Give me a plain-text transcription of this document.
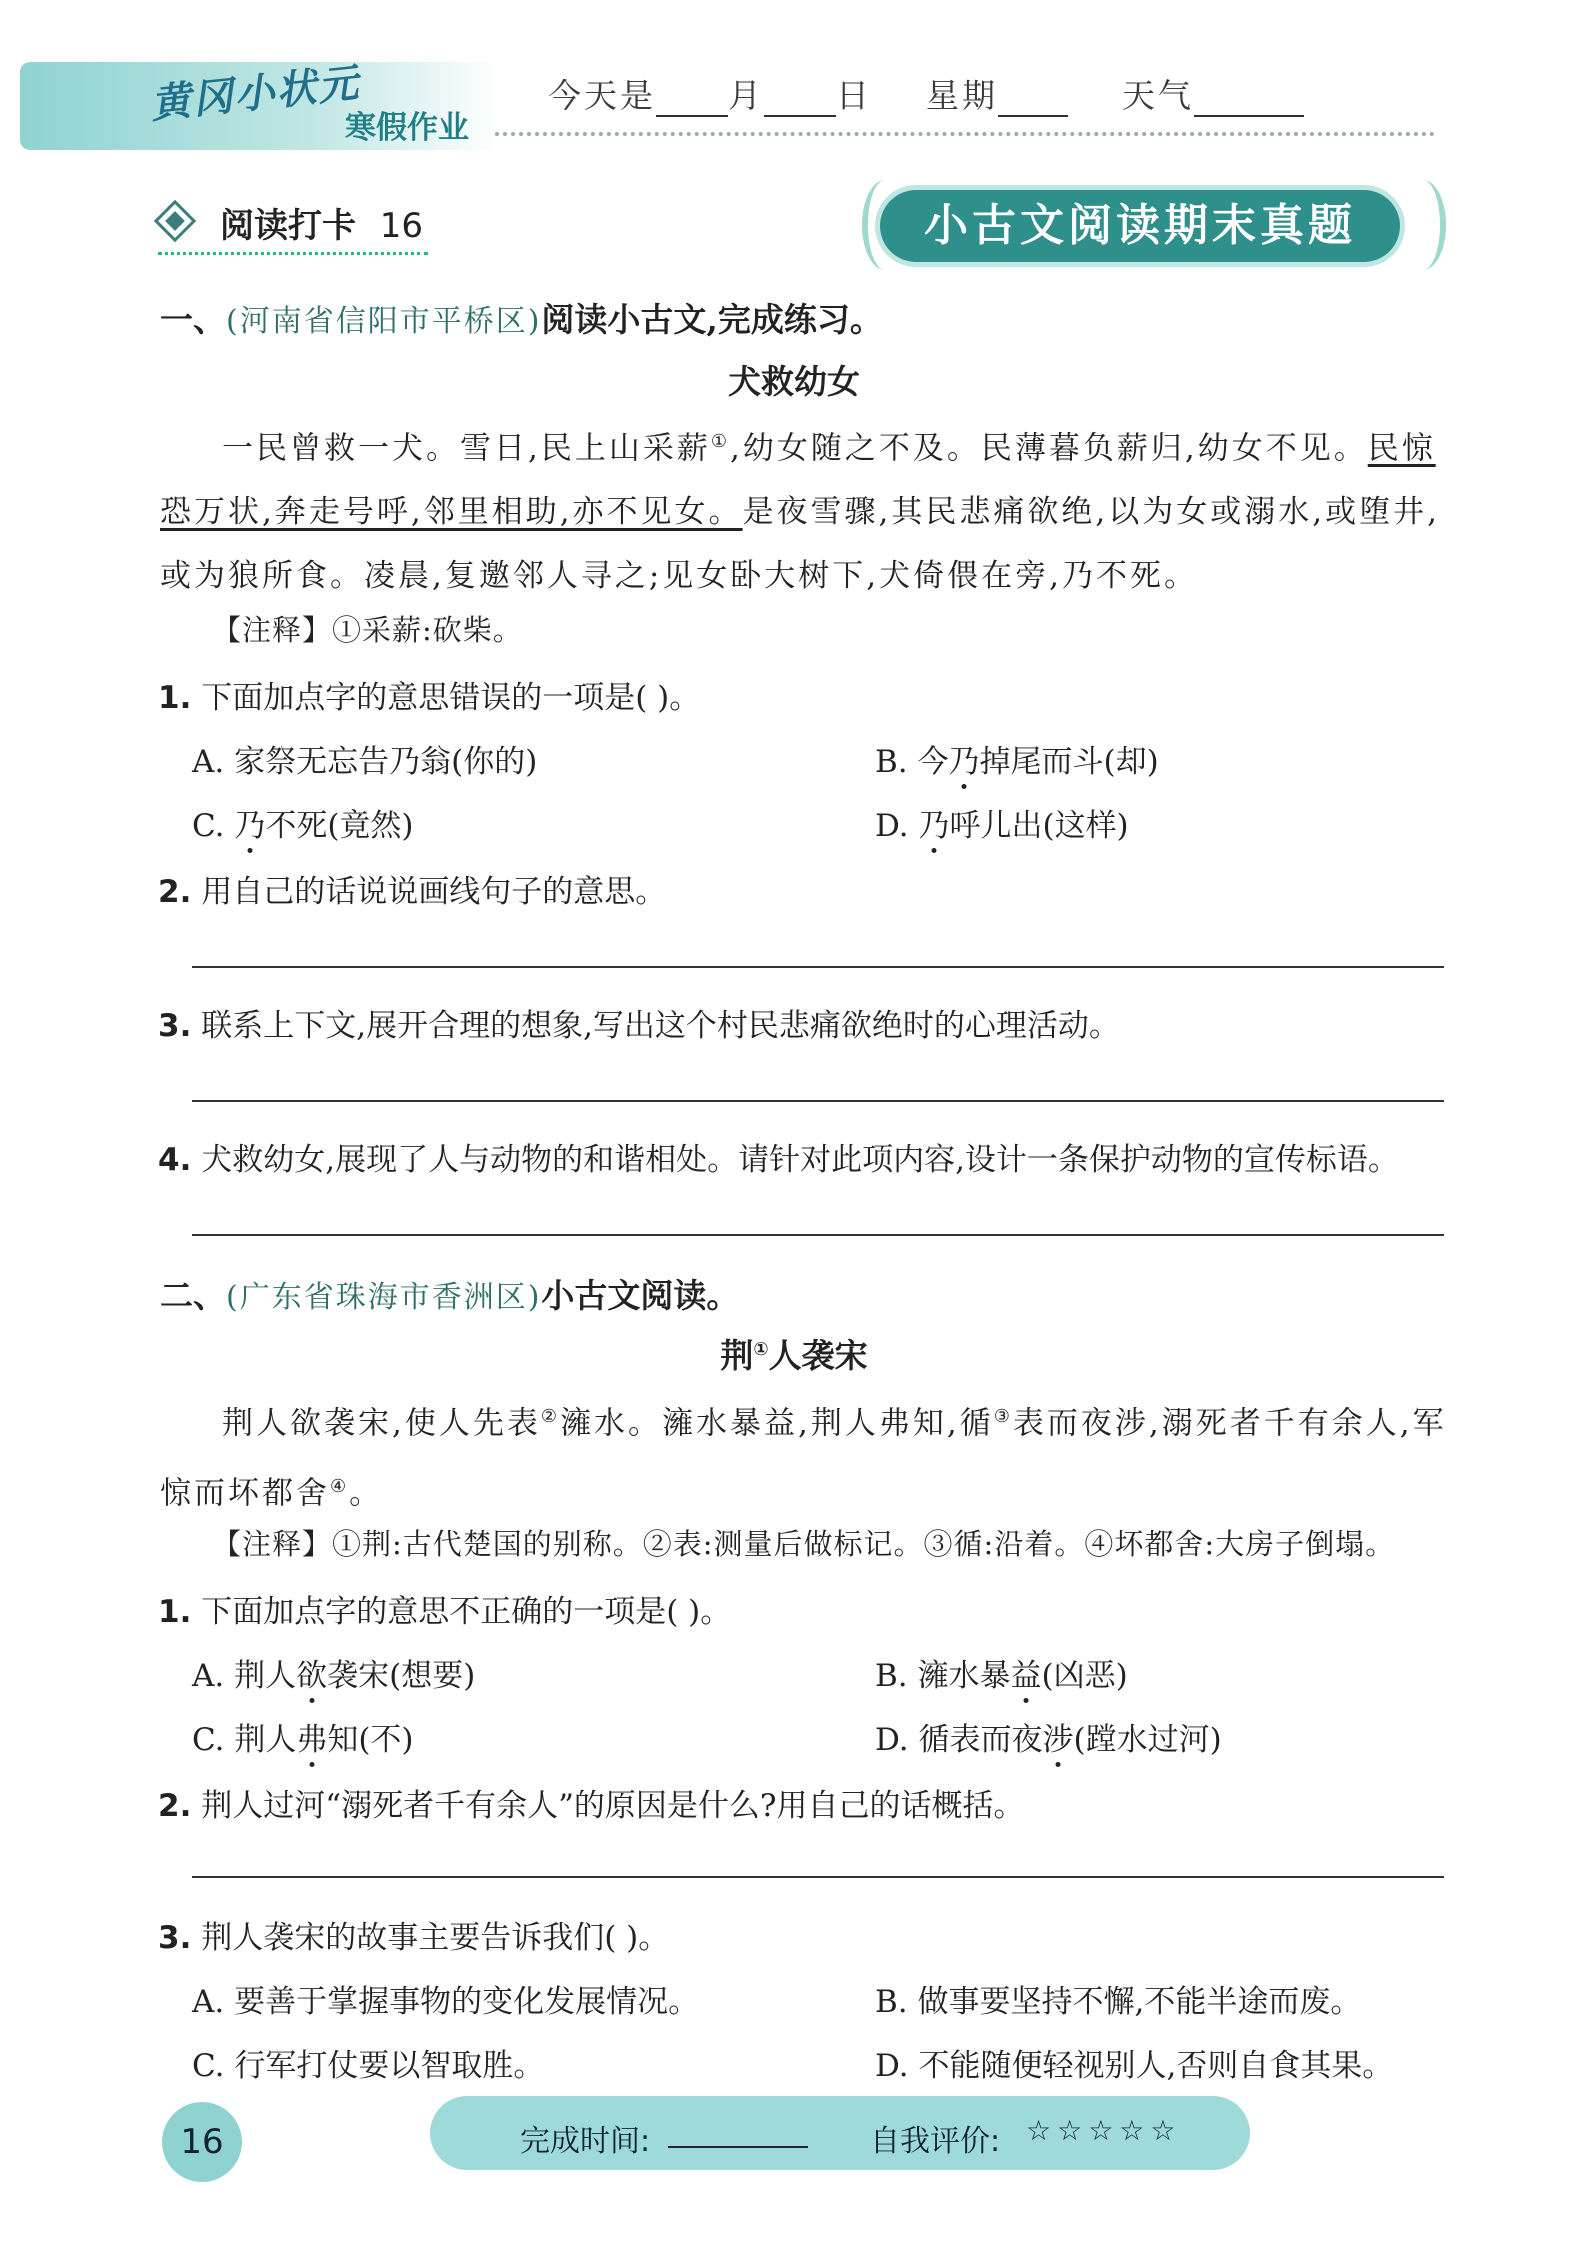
黄冈小状元
寒假作业
今天是 月 日 星期	天气
阅读打卡 16	小古文阅读期末真题
一、(河南省信阳市平桥区)阅读小古文,完成练习。
犬救幼女
一民曾救一犬。雪日,民上山采薪①,幼女随之不及。民薄暮负薪归,幼女不见。民惊恐万状,奔走号呼,邻里相助,亦不见女。是夜雪骤,其民悲痛欲绝,以为女或溺水,或堕井,或为狼所食。凌晨,复邀邻人寻之;见女卧大树下,犬倚偎在旁,乃不死。
【注释】①采薪:砍柴。
1. 下面加点字的意思错误的一项是( )。
A. 家祭无忘告乃翁(你的)	B. 今乃掉尾而斗(却)
C. 乃不死(竟然)	D. 乃呼儿出(这样)
2. 用自己的话说说画线句子的意思。
3. 联系上下文,展开合理的想象,写出这个村民悲痛欲绝时的心理活动。
4. 犬救幼女,展现了人与动物的和谐相处。请针对此项内容,设计一条保护动物的宣传标语。
二、(广东省珠海市香洲区)小古文阅读。
荆①人袭宋
荆人欲袭宋,使人先表②澭水。澭水暴益,荆人弗知,循③表而夜涉,溺死者千有余人,军惊而坏都舍④。
【注释】①荆:古代楚国的别称。②表:测量后做标记。③循:沿着。④坏都舍:大房子倒塌。
1. 下面加点字的意思不正确的一项是( )。
A. 荆人欲袭宋(想要)	B. 澭水暴益(凶恶)
C. 荆人弗知(不)	D. 循表而夜涉(蹚水过河)
2. 荆人过河“溺死者千有余人”的原因是什么?用自己的话概括。
3. 荆人袭宋的故事主要告诉我们( )。
A. 要善于掌握事物的变化发展情况。	B. 做事要坚持不懈,不能半途而废。
C. 行军打仗要以智取胜。	D. 不能随便轻视别人,否则自食其果。
16	完成时间:	自我评价: ☆☆☆☆☆
